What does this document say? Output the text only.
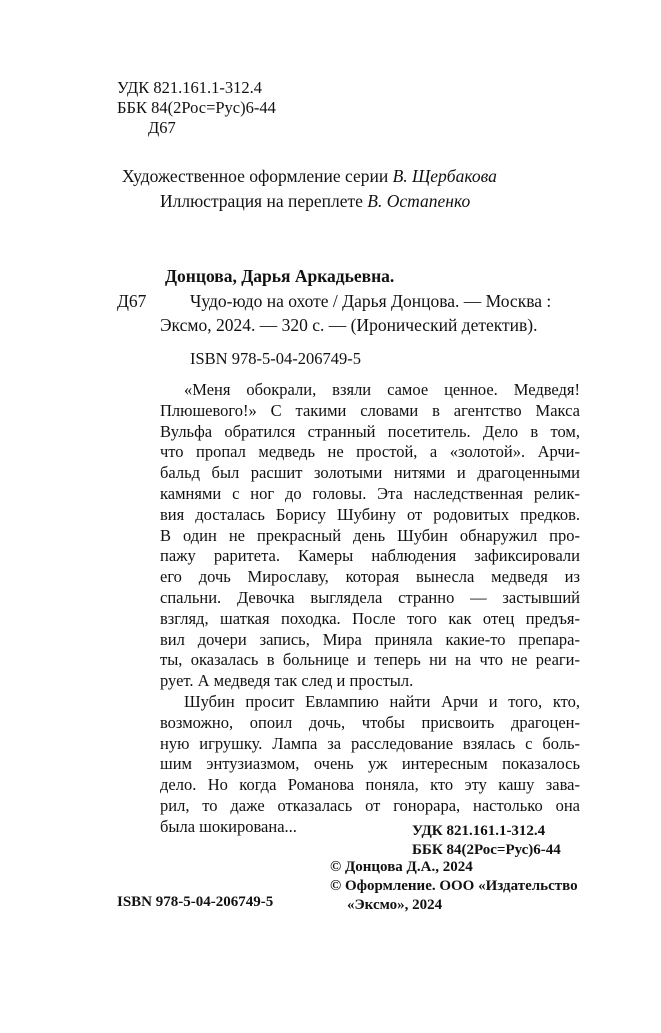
УДК 821.161.1-312.4
ББК 84(2Рос=Рус)6-44
Д67
Художественное оформление серии В. Щербакова
Иллюстрация на переплете В. Остапенко
Донцова, Дарья Аркадьевна.
Д67 Чудо-юдо на охоте / Дарья Донцова. — Москва :
Эксмо, 2024. — 320 с. — (Иронический детектив).
ISBN 978-5-04-206749-5
«Меня обокрали, взяли самое ценное. Медведя!
Плюшевого!» С такими словами в агентство Макса
Вульфа обратился странный посетитель. Дело в том,
что пропал медведь не простой, а «золотой». Арчи-
бальд был расшит золотыми нитями и драгоценными
камнями с ног до головы. Эта наследственная релик-
вия досталась Борису Шубину от родовитых предков.
В один не прекрасный день Шубин обнаружил про-
пажу раритета. Камеры наблюдения зафиксировали
его дочь Мирославу, которая вынесла медведя из
спальни. Девочка выглядела странно — застывший
взгляд, шаткая походка. После того как отец предъя-
вил дочери запись, Мира приняла какие-то препара-
ты, оказалась в больнице и теперь ни на что не реаги-
рует. А медведя так след и простыл.
Шубин просит Евлампию найти Арчи и того, кто,
возможно, опоил дочь, чтобы присвоить драгоцен-
ную игрушку. Лампа за расследование взялась с боль-
шим энтузиазмом, очень уж интересным показалось
дело. Но когда Романова поняла, кто эту кашу зава-
рил, то даже отказалась от гонорара, настолько она
была шокирована...	УДК 821.161.1-312.4
ББК 84(2Рос=Рус)6-44
© Донцова Д.А., 2024
© Оформление. ООО «Издательство
«Эксмо», 2024
ISBN 978-5-04-206749-5
